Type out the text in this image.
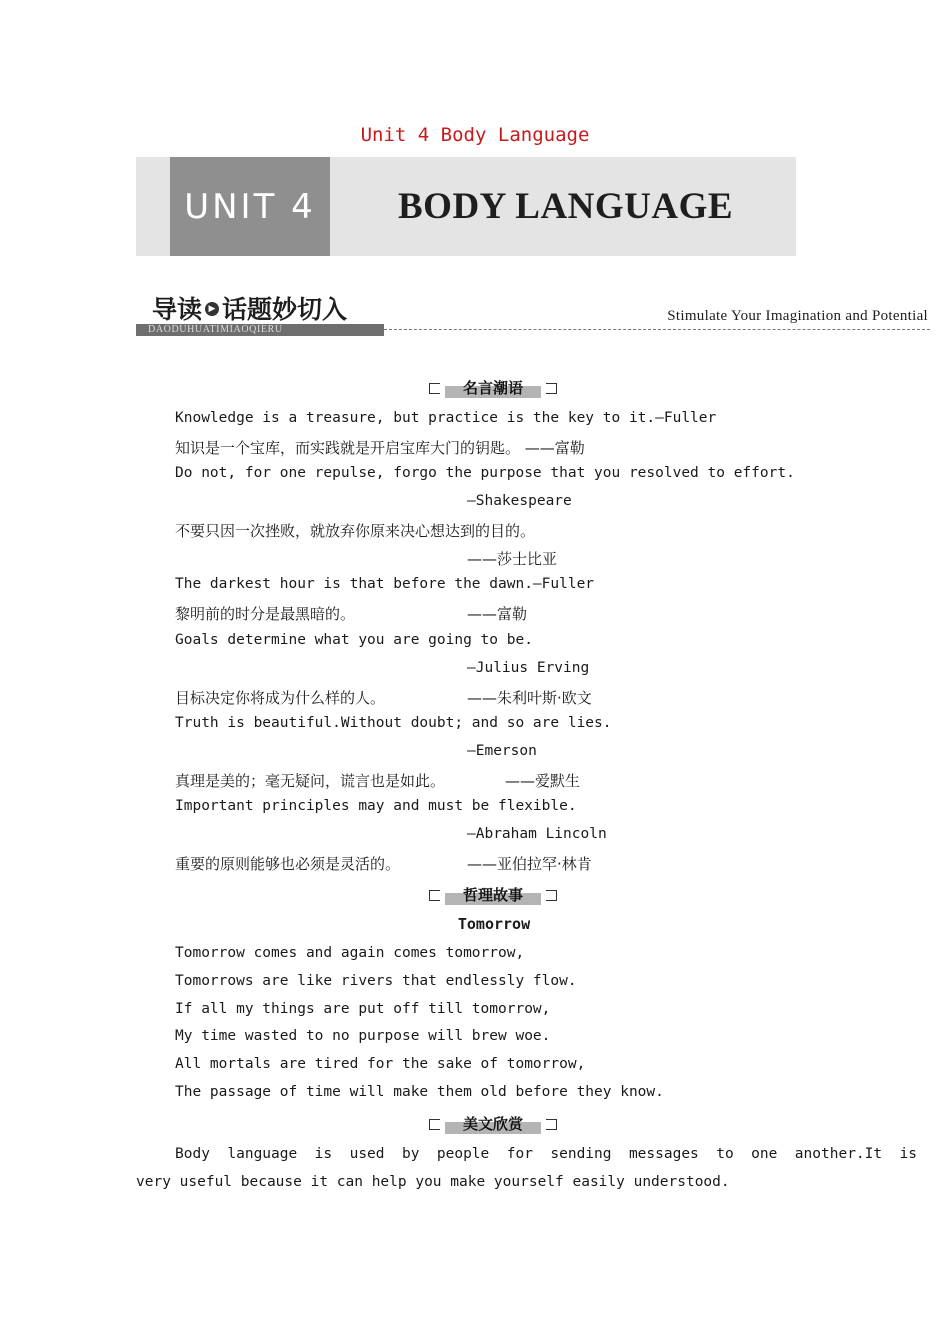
Unit 4 Body Language
UNIT 4	BODY LANGUAGE
导读 ▶ 话题妙切入
DAODUHUATIMIAOQIERU
Stimulate Your Imagination and Potential
名言潮语
Knowledge is a treasure, but practice is the key to it.—Fuller
知识是一个宝库，而实践就是开启宝库大门的钥匙。 ——富勒
Do not, for one repulse, forgo the purpose that you resolved to effort.
—Shakespeare
不要只因一次挫败，就放弃你原来决心想达到的目的。
——莎士比亚
The darkest hour is that before the dawn.—Fuller
黎明前的时分是最黑暗的。	——富勒
Goals determine what you are going to be.
—Julius Erving
目标决定你将成为什么样的人。	——朱利叶斯·欧文
Truth is beautiful.Without doubt; and so are lies.
—Emerson
真理是美的；毫无疑问，谎言也是如此。	——爱默生
Important principles may and must be flexible.
—Abraham Lincoln
重要的原则能够也必须是灵活的。	——亚伯拉罕·林肯
哲理故事
Tomorrow
Tomorrow comes and again comes tomorrow,
Tomorrows are like rivers that endlessly flow.
If all my things are put off till tomorrow,
My time wasted to no purpose will brew woe.
All mortals are tired for the sake of tomorrow,
The passage of time will make them old before they know.
美文欣赏
Body  language  is  used  by  people  for  sending  messages  to  one  another.It  is
very useful because it can help you make yourself easily understood.
